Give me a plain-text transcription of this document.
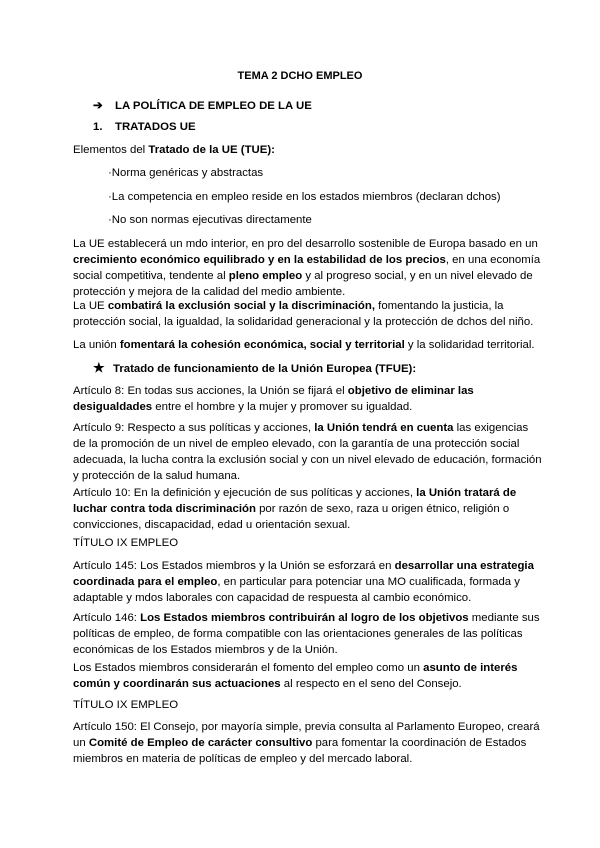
TEMA 2 DCHO EMPLEO
➔ LA POLÍTICA DE EMPLEO DE LA UE
1. TRATADOS UE
Elementos del Tratado de la UE (TUE):
·Norma genéricas y abstractas
·La competencia en empleo reside en los estados miembros (declaran dchos)
·No son normas ejecutivas directamente
La UE establecerá un mdo interior, en pro del desarrollo sostenible de Europa basado en un crecimiento económico equilibrado y en la estabilidad de los precios, en una economía social competitiva, tendente al pleno empleo y al progreso social, y en un nivel elevado de protección y mejora de la calidad del medio ambiente.
La UE combatirá la exclusión social y la discriminación, fomentando la justicia, la protección social, la igualdad, la solidaridad generacional y la protección de dchos del niño.
La unión fomentará la cohesión económica, social y territorial y la solidaridad territorial.
★ Tratado de funcionamiento de la Unión Europea (TFUE):
Artículo 8: En todas sus acciones, la Unión se fijará el objetivo de eliminar las desigualdades entre el hombre y la mujer y promover su igualdad.
Artículo 9: Respecto a sus políticas y acciones, la Unión tendrá en cuenta las exigencias de la promoción de un nivel de empleo elevado, con la garantía de una protección social adecuada, la lucha contra la exclusión social y con un nivel elevado de educación, formación y protección de la salud humana.
Artículo 10: En la definición y ejecución de sus políticas y acciones, la Unión tratará de luchar contra toda discriminación por razón de sexo, raza u origen étnico, religión o convicciones, discapacidad, edad u orientación sexual.
TÍTULO IX EMPLEO
Artículo 145: Los Estados miembros y la Unión se esforzará en desarrollar una estrategia coordinada para el empleo, en particular para potenciar una MO cualificada, formada y adaptable y mdos laborales con capacidad de respuesta al cambio económico.
Artículo 146: Los Estados miembros contribuirán al logro de los objetivos mediante sus políticas de empleo, de forma compatible con las orientaciones generales de las políticas económicas de los Estados miembros y de la Unión.
Los Estados miembros considerarán el fomento del empleo como un asunto de interés común y coordinarán sus actuaciones al respecto en el seno del Consejo.
TÍTULO IX EMPLEO
Artículo 150: El Consejo, por mayoría simple, previa consulta al Parlamento Europeo, creará un Comité de Empleo de carácter consultivo para fomentar la coordinación de Estados miembros en materia de políticas de empleo y del mercado laboral.
